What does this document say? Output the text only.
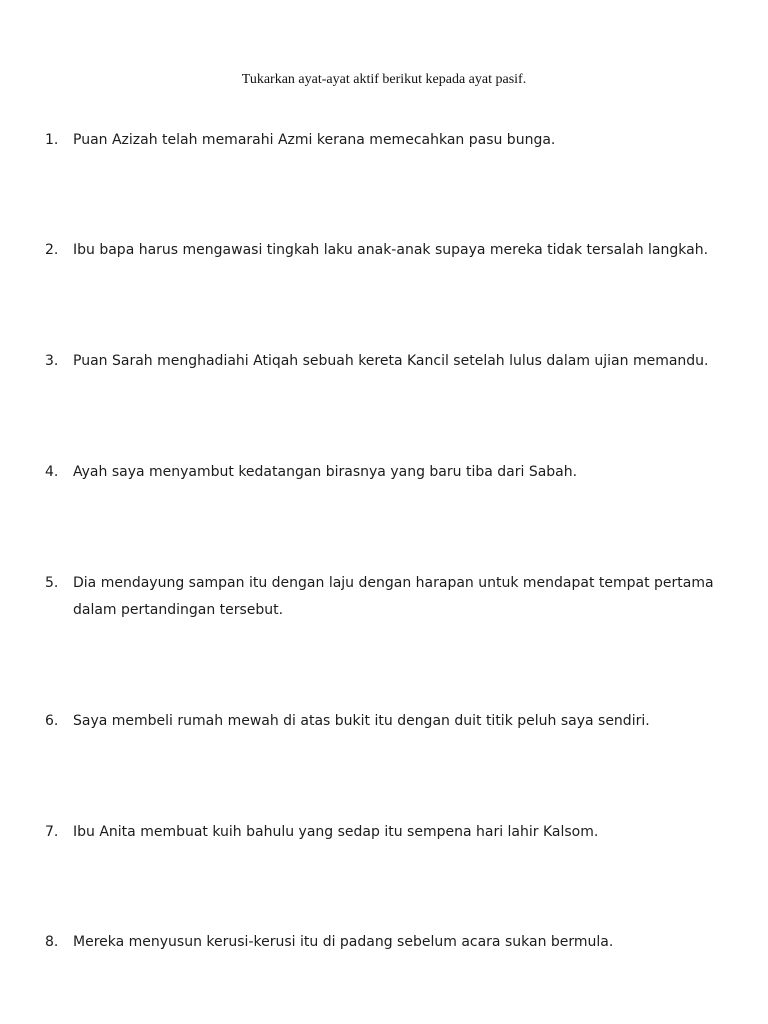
Tukarkan ayat-ayat aktif berikut kepada ayat pasif.
1.	Puan Azizah telah memarahi Azmi kerana memecahkan pasu bunga.
2.	Ibu bapa harus mengawasi tingkah laku anak-anak supaya mereka tidak tersalah langkah.
3.	Puan Sarah menghadiahi Atiqah sebuah kereta Kancil setelah lulus dalam ujian memandu.
4.	Ayah saya menyambut kedatangan birasnya yang baru tiba dari Sabah.
5.	Dia mendayung sampan itu dengan laju dengan harapan untuk mendapat tempat pertama dalam pertandingan tersebut.
6.	Saya membeli rumah mewah di atas bukit itu dengan duit titik peluh saya sendiri.
7.	Ibu Anita membuat kuih bahulu yang sedap itu sempena hari lahir Kalsom.
8.	Mereka menyusun kerusi-kerusi itu di padang sebelum acara sukan bermula.
